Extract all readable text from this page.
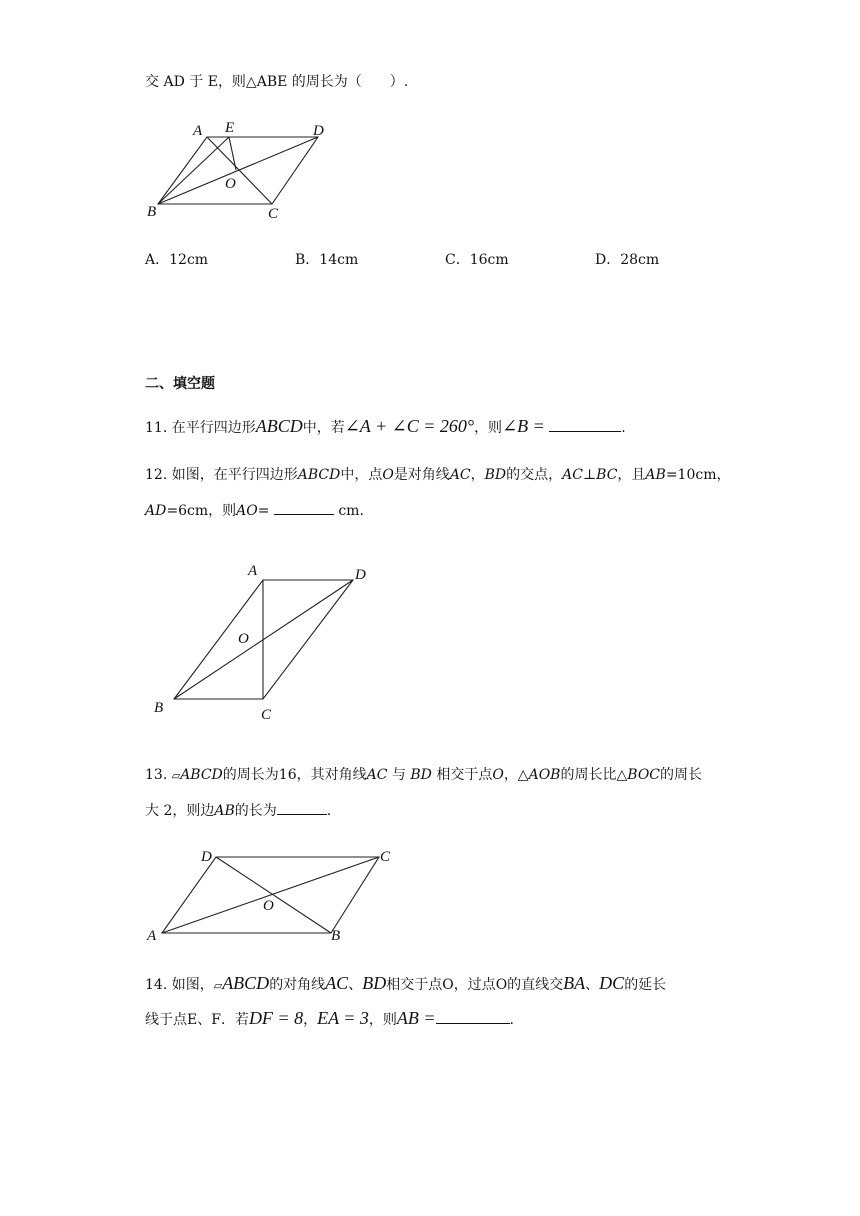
交 AD 于 E，则△ABE 的周长为（　　）.
A E	D
O
B	C
A．12cm	B．14cm	C．16cm	D．28cm
二、填空题
11. 在平行四边形ABCD中，若∠A + ∠C = 260°，则∠B =	.
12. 如图，在平行四边形ABCD中，点O是对角线AC，BD的交点，AC⊥BC，且AB=10cm，
AD=6cm，则AO=	cm.
A	D
O
B	C
13. ▱ABCD的周长为16，其对角线AC 与 BD 相交于点O，△AOB的周长比△BOC的周长
大 2，则边AB的长为	.
D	C
O
A	B
14. 如图，▱ABCD的对角线AC、BD相交于点O，过点O的直线交BA、DC的延长
线于点E、F．若DF = 8，EA = 3，则AB =	.
